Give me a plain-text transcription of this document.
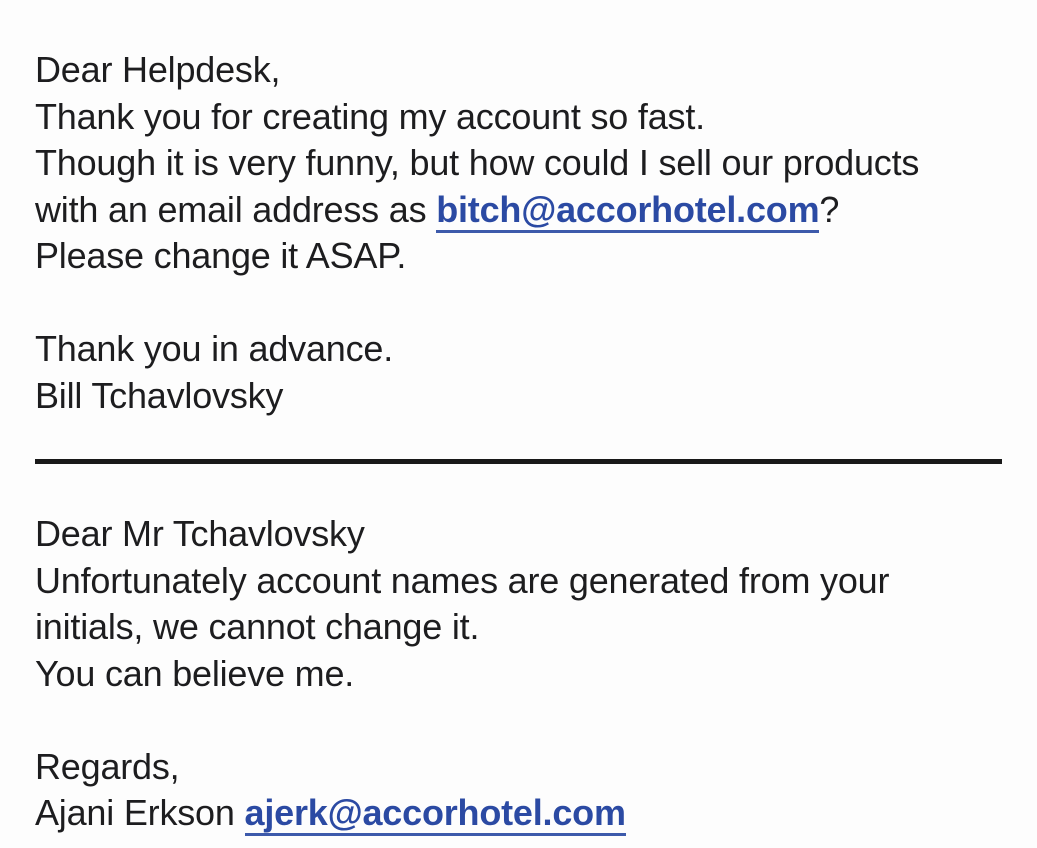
Dear Helpdesk,
Thank you for creating my account so fast.
Though it is very funny, but how could I sell our products
with an email address as bitch@accorhotel.com?
Please change it ASAP.
Thank you in advance.
Bill Tchavlovsky
Dear Mr Tchavlovsky
Unfortunately account names are generated from your
initials, we cannot change it.
You can believe me.
Regards,
Ajani Erkson ajerk@accorhotel.com
